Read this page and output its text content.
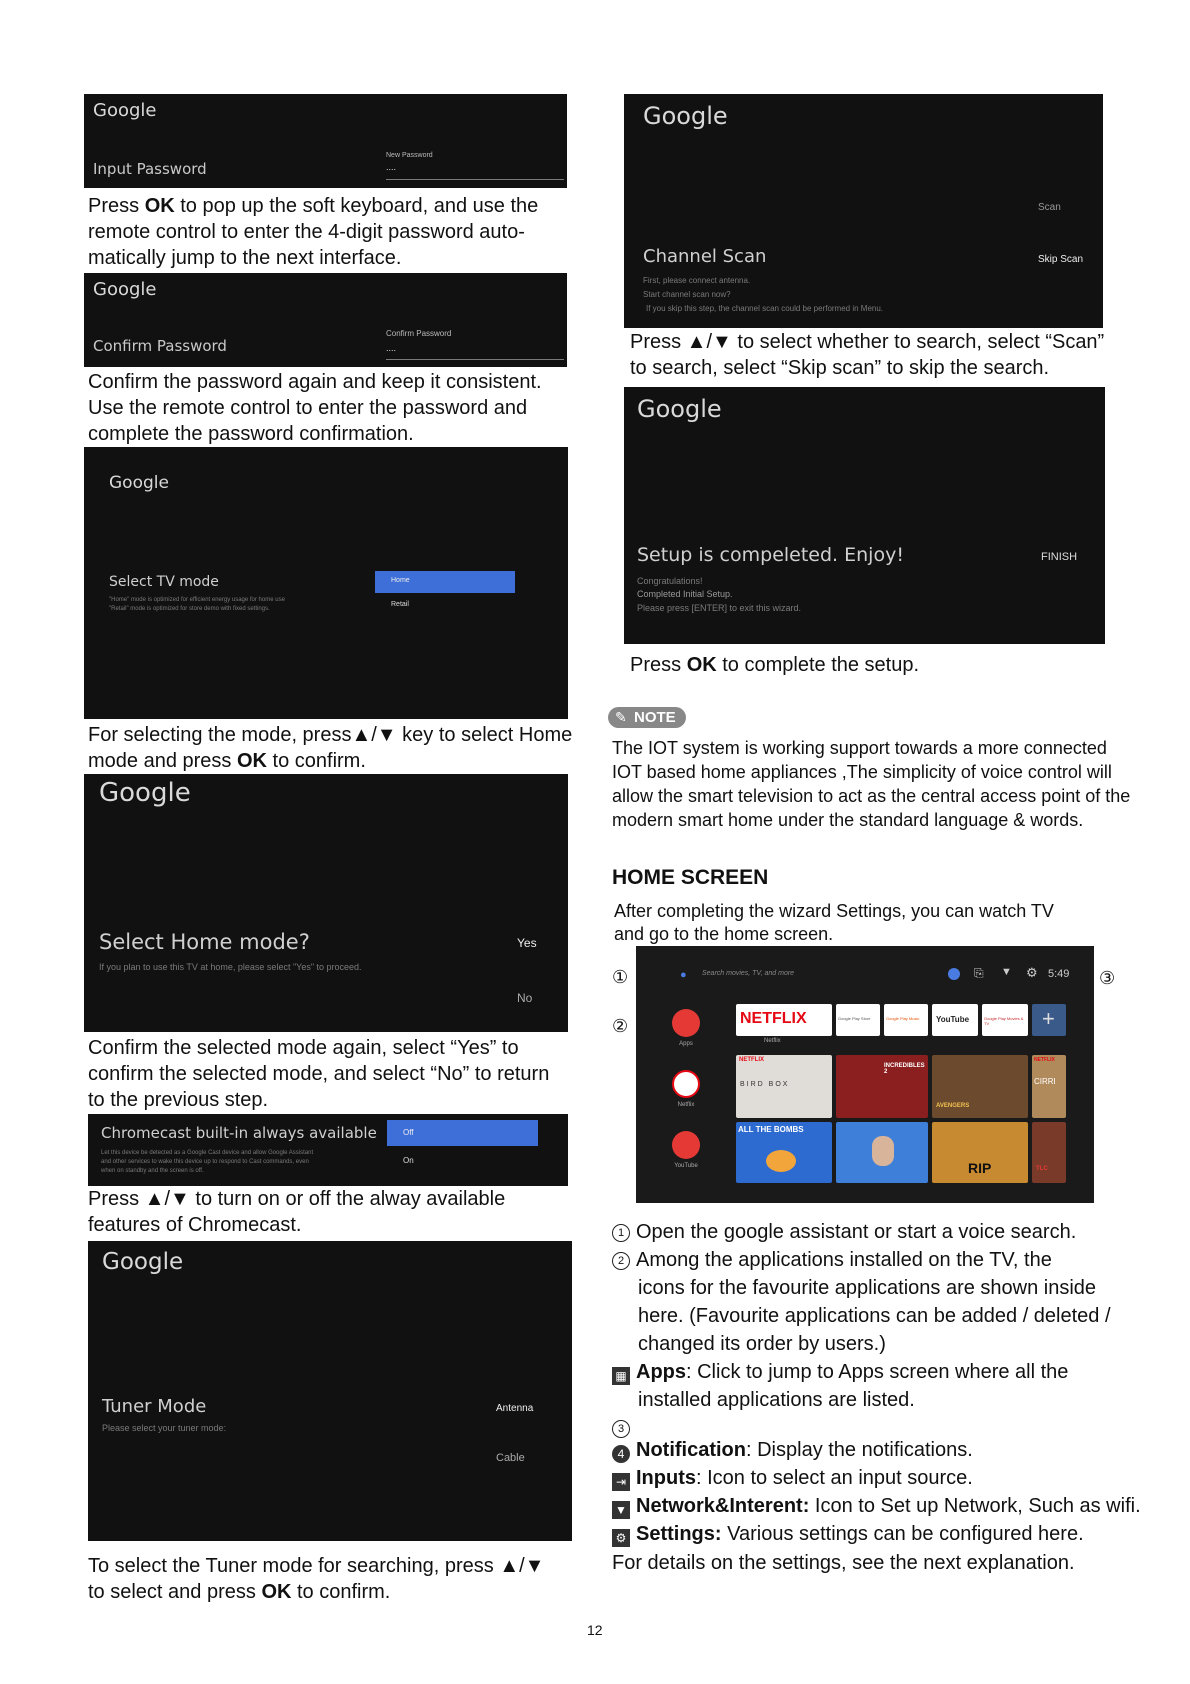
Google
Input Password
New Password
....
Press OK to pop up the soft keyboard, and use the
remote control to enter the 4-digit password auto-
matically jump to the next interface.
Google
Confirm Password
Confirm Password
....
Confirm the password again and keep it consistent.
Use the remote control to enter the password and
complete the password confirmation.
Google
Select TV mode
"Home" mode is optimized for efficient energy usage for home use
"Retail" mode is optimized for store demo with fixed settings.
Home
Retail
For selecting the mode, press▲/▼ key to select Home
mode and press OK to confirm.
Google
Select Home mode?
If you plan to use this TV at home, please select "Yes" to proceed.
Yes
No
Confirm the selected mode again, select “Yes” to
confirm the selected mode, and select “No” to return
to the previous step.
Chromecast built-in always available
Let this device be detected as a Google Cast device and allow Google Assistant
and other services to wake this device up to respond to Cast commands, even
when on standby and the screen is off.
Off
On
Press ▲/▼ to turn on or off the alway available
features of Chromecast.
Google
Tuner Mode
Please select your tuner mode:
Antenna
Cable
To select the Tuner mode for searching, press ▲/▼
to select and press OK to confirm.
Google
Channel Scan
First, please connect antenna.
Start channel scan now?
If you skip this step, the channel scan could be performed in Menu.
Scan
Skip Scan
Press ▲/▼ to select whether to search, select “Scan”
to search, select “Skip scan” to skip the search.
Google
Setup is compeleted. Enjoy!
Congratulations!
Completed Initial Setup.
Please press [ENTER] to exit this wizard.
FINISH
Press OK to complete the setup.
✎ NOTE
The IOT system is working support towards a more connected
IOT based home appliances ,The simplicity of voice control will
allow the smart television to act as the central access point of the
modern smart home under the standard language & words.
HOME SCREEN
After completing the wizard Settings, you can watch TV
and go to the home screen.
①
②
③
● Search movies, TV, and more	⎘ ▼ ⚙ 5:49
Apps
Netflix
YouTube
NETFLIX
Netflix
Google Play Store	Google Play Music YouTube	Google Play Movies & TV	+
NETFLIX
BIRD BOX
INCREDIBLES 2
AVENGERS
NETFLIX
CIRRI
ALL THE BOMBS
RIP	TLC
1 Open the google assistant or start a voice search.
2 Among the applications installed on the TV, the
icons for the favourite applications are shown inside
here. (Favourite applications can be added / deleted /
changed its order by users.)
▦ Apps: Click to jump to Apps screen where all the
installed applications are listed.
3
4 Notification: Display the notifications.
⇥ Inputs: Icon to select an input source.
▼ Network&Interent: Icon to Set up Network, Such as wifi.
⚙ Settings: Various settings can be configured here.
For details on the settings, see the next explanation.
12
